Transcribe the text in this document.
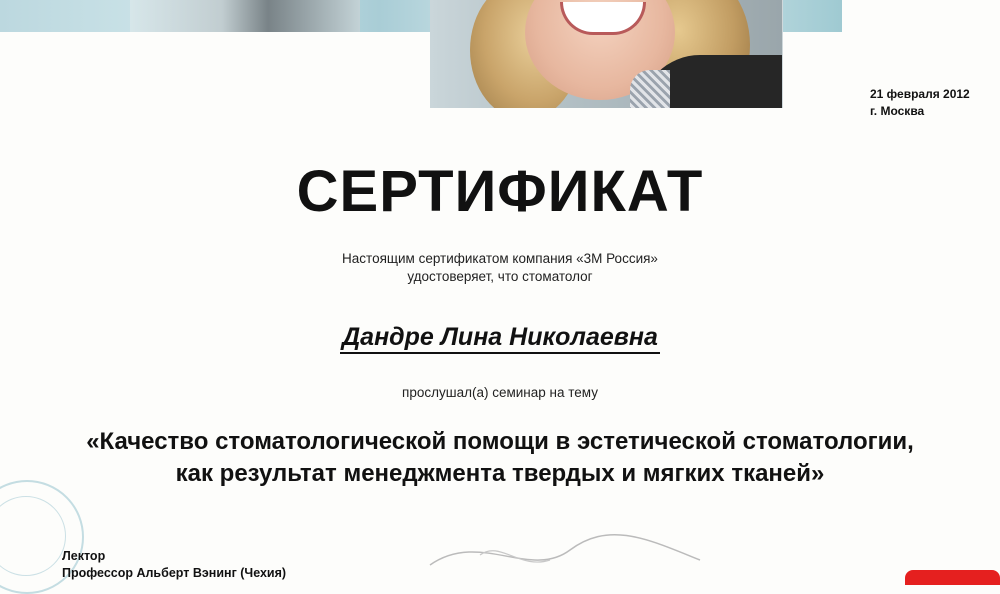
21 февраля 2012
г. Москва
СЕРТИФИКАТ
Настоящим сертификатом компания «3М Россия»
удостоверяет, что стоматолог
Дандре Лина Николаевна
прослушал(а) семинар на тему
«Качество стоматологической помощи в эстетической стоматологии,
как результат менеджмента твердых и мягких тканей»
Лектор
Профессор Альберт Вэнинг (Чехия)
